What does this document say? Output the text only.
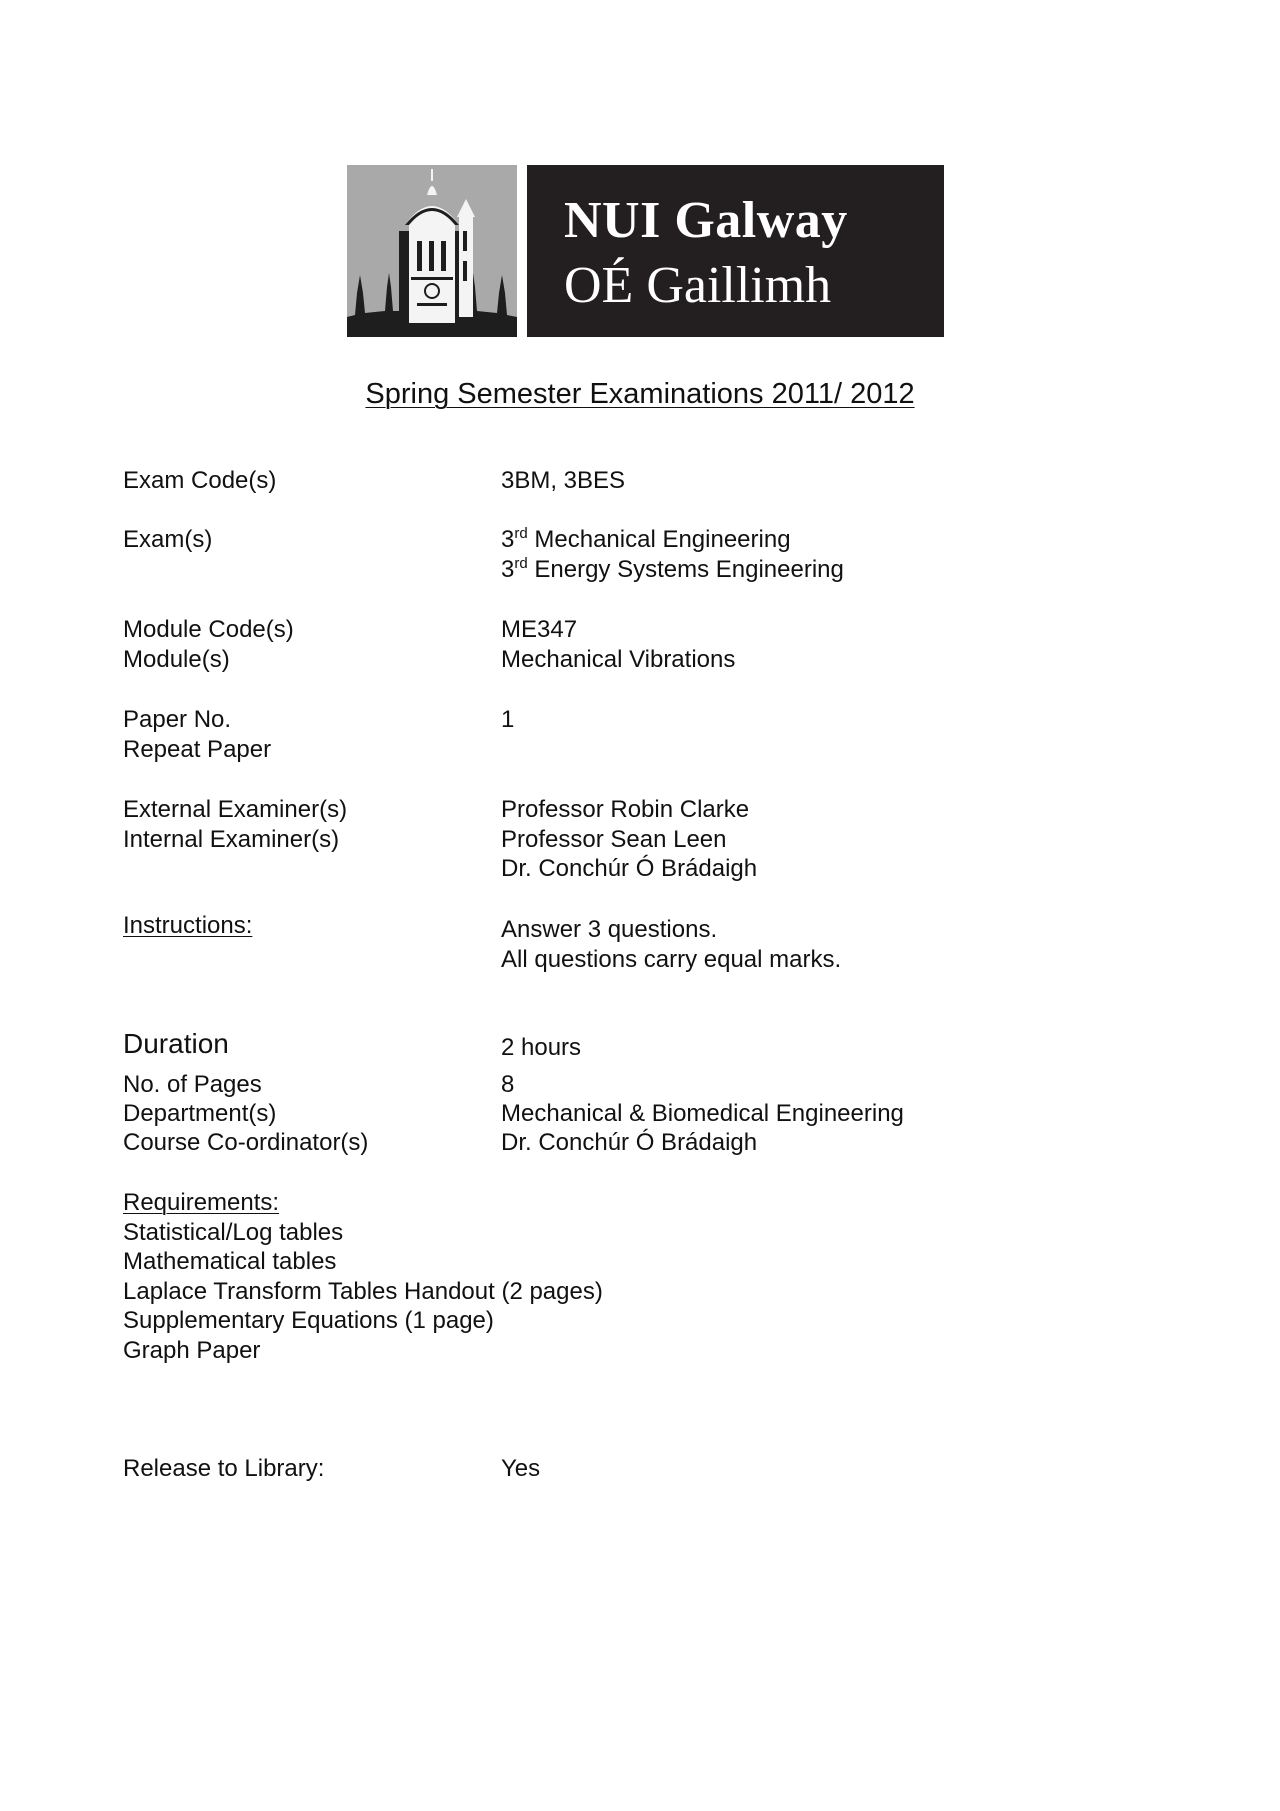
NUI Galway
OÉ Gaillimh
Spring Semester Examinations 2011/ 2012
Exam Code(s)	3BM, 3BES
Exam(s)	3rd Mechanical Engineering
3rd Energy Systems Engineering
Module Code(s)	ME347
Module(s)	Mechanical Vibrations
Paper No.	1
Repeat Paper
External Examiner(s)	Professor Robin Clarke
Internal Examiner(s)	Professor Sean Leen
Dr. Conchúr Ó Brádaigh
Instructions:	Answer 3 questions.
All questions carry equal marks.
Duration	2 hours
No. of Pages	8
Department(s)	Mechanical & Biomedical Engineering
Course Co-ordinator(s)	Dr. Conchúr Ó Brádaigh
Requirements:
Statistical/Log tables
Mathematical tables
Laplace Transform Tables Handout (2 pages)
Supplementary Equations (1 page)
Graph Paper
Release to Library:	Yes
